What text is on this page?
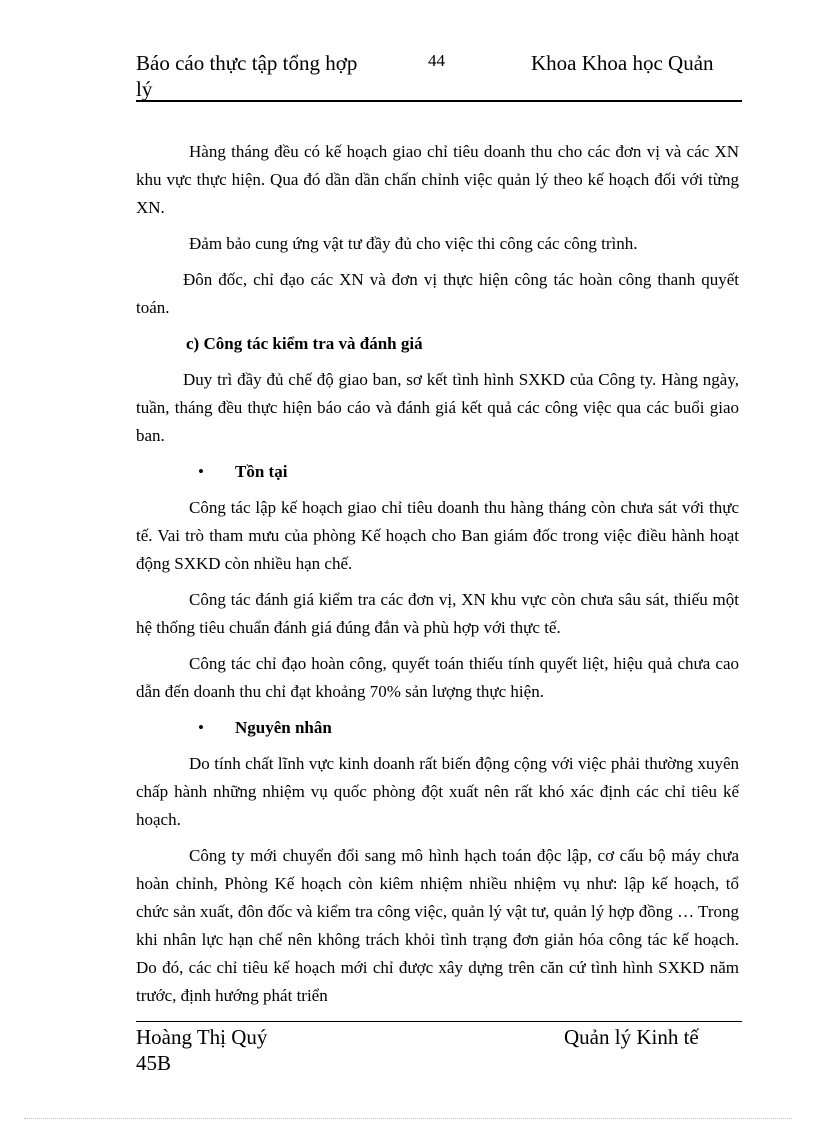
Báo cáo thực tập tổng hợp
lý
44	Khoa Khoa học Quản

Hàng tháng đều có kế hoạch giao chỉ tiêu doanh thu cho các đơn vị và các XN khu vực thực hiện. Qua đó dần dần chấn chỉnh việc quản lý theo kế hoạch đối với từng XN.

Đảm bảo cung ứng vật tư đầy đủ cho việc thi công các công trình.

Đôn đốc, chỉ đạo các XN và đơn vị thực hiện công tác hoàn công thanh quyết toán.

c) Công tác kiểm tra và đánh giá

Duy trì đầy đủ chế độ giao ban, sơ kết tình hình SXKD của Công ty. Hàng ngày, tuần, tháng đều thực hiện báo cáo và đánh giá kết quả các công việc qua các buổi giao ban.

• Tồn tại

Công tác lập kế hoạch giao chỉ tiêu doanh thu hàng tháng còn chưa sát với thực tế. Vai trò tham mưu của phòng Kế hoạch cho Ban giám đốc trong việc điều hành hoạt động SXKD còn nhiều hạn chế.

Công tác đánh giá kiểm tra các đơn vị, XN khu vực còn chưa sâu sát, thiếu một hệ thống tiêu chuẩn đánh giá đúng đắn và phù hợp với thực tế.

Công tác chỉ đạo hoàn công, quyết toán thiếu tính quyết liệt, hiệu quả chưa cao dẫn đến doanh thu chỉ đạt khoảng 70% sản lượng thực hiện.

• Nguyên nhân

Do tính chất lĩnh vực kinh doanh rất biến động cộng với việc phải thường xuyên chấp hành những nhiệm vụ quốc phòng đột xuất nên rất khó xác định các chỉ tiêu kế hoạch.

Công ty mới chuyển đổi sang mô hình hạch toán độc lập, cơ cấu bộ máy chưa hoàn chỉnh, Phòng Kế hoạch còn kiêm nhiệm nhiều nhiệm vụ như: lập kế hoạch, tổ chức sản xuất, đôn đốc và kiểm tra công việc, quản lý vật tư, quản lý hợp đồng … Trong khi nhân lực hạn chế nên không trách khỏi tình trạng đơn giản hóa công tác kế hoạch. Do đó, các chỉ tiêu kế hoạch mới chỉ được xây dựng trên căn cứ tình hình SXKD năm trước, định hướng phát triển

Hoàng Thị Quý
45B
Quản lý Kinh tế
